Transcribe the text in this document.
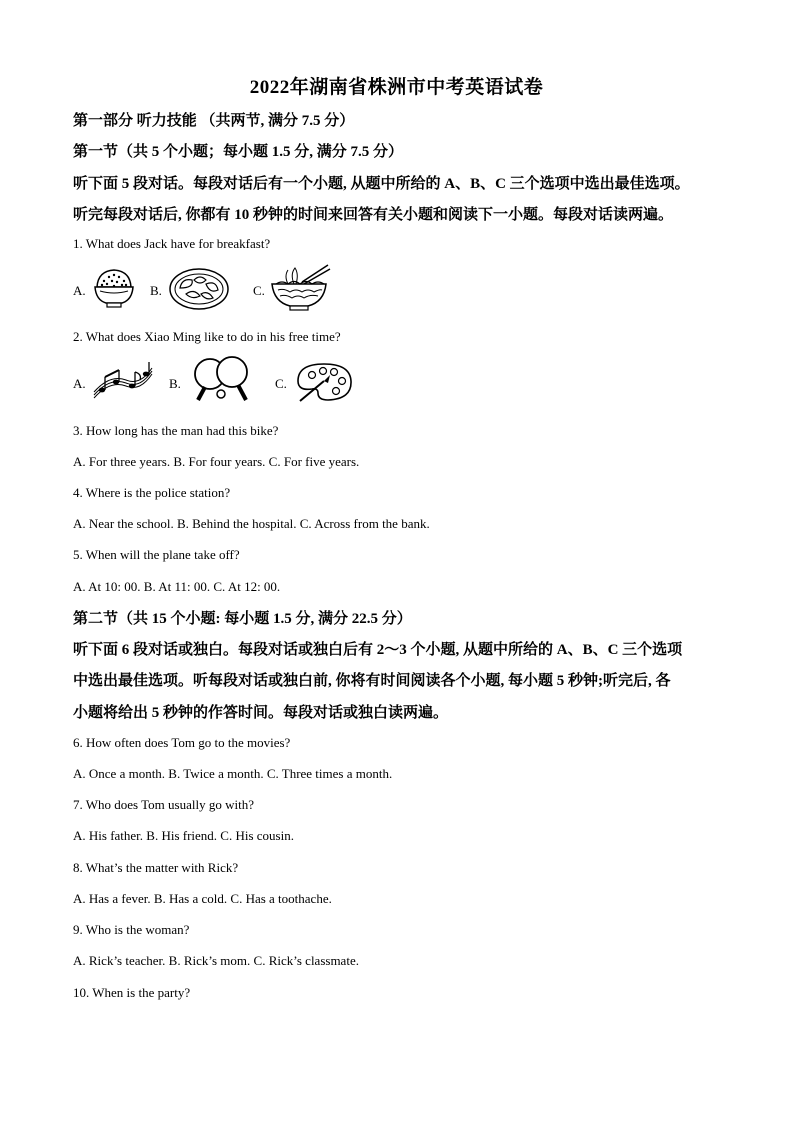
2022年湖南省株洲市中考英语试卷
第一部分 听力技能 （共两节, 满分 7.5 分）
第一节（共 5 个小题；每小题 1.5 分, 满分 7.5 分）
听下面 5 段对话。每段对话后有一个小题, 从题中所给的 A、B、C 三个选项中选出最佳选项。
听完每段对话后, 你都有 10 秒钟的时间来回答有关小题和阅读下一小题。每段对话读两遍。
1. What does Jack have for breakfast?
A.	B.	C.
2. What does Xiao Ming like to do in his free time?
A.	B.	C.
3. How long has the man had this bike?
A. For three years. B. For four years. C. For five years.
4. Where is the police station?
A. Near the school. B. Behind the hospital. C. Across from the bank.
5. When will the plane take off?
A. At 10: 00. B. At 11: 00. C. At 12: 00.
第二节（共 15 个小题: 每小题 1.5 分, 满分 22.5 分）
听下面 6 段对话或独白。每段对话或独白后有 2～3 个小题, 从题中所给的 A、B、C 三个选项
中选出最佳选项。听每段对话或独白前, 你将有时间阅读各个小题, 每小题 5 秒钟;听完后, 各
小题将给出 5 秒钟的作答时间。每段对话或独白读两遍。
6. How often does Tom go to the movies?
A. Once a month. B. Twice a month. C. Three times a month.
7. Who does Tom usually go with?
A. His father. B. His friend. C. His cousin.
8. What’s the matter with Rick?
A. Has a fever. B. Has a cold. C. Has a toothache.
9. Who is the woman?
A. Rick’s teacher. B. Rick’s mom. C. Rick’s classmate.
10. When is the party?
